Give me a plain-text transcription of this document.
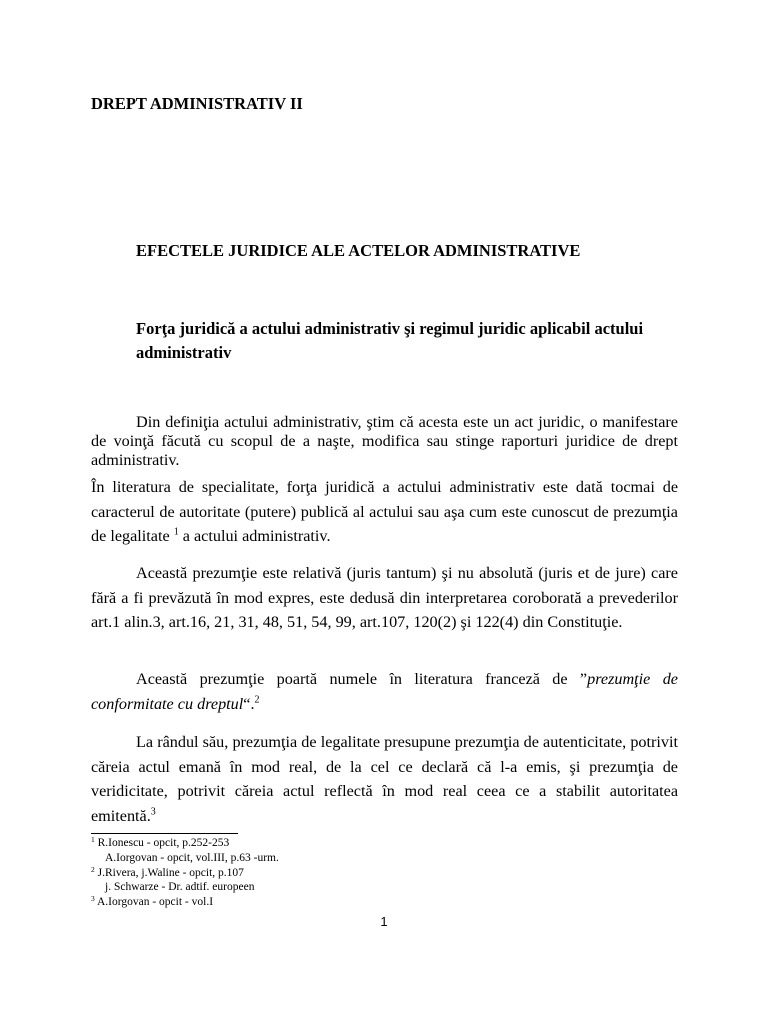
DREPT ADMINISTRATIV II
EFECTELE JURIDICE ALE ACTELOR ADMINISTRATIVE
Forţa juridică a actului administrativ şi regimul juridic aplicabil actului administrativ

Din definiţia actului administrativ, ştim că acesta este un act juridic, o manifestare de voinţă făcută cu scopul de a naşte, modifica sau stinge raporturi juridice de drept administrativ.

În literatura de specialitate, forţa juridică a actului administrativ este dată tocmai de caracterul de autoritate (putere) publică al actului sau aşa cum este cunoscut de prezumţia de legalitate $^1$ a actului administrativ.

Această prezumţie este relativă (juris tantum) şi nu absolută (juris et de jure) care fără a fi prevăzută în mod expres, este dedusă din interpretarea coroborată a prevederilor art.1 alin.3, art.16, 21, 31, 48, 51, 54, 99, art.107, 120(2) şi 122(4) din Constituţie.

Această prezumţie poartă numele în literatura franceză de ”prezumţie de conformitate cu dreptul“.$^2$

La rândul său, prezumţia de legalitate presupune prezumţia de autenticitate, potrivit căreia actul emană în mod real, de la cel ce declară că l-a emis, şi prezumţia de veridicitate, potrivit căreia actul reflectă în mod real ceea ce a stabilit autoritatea emitentă.$^3$

$^1$ R.Ionescu - opcit, p.252-253
A.Iorgovan - opcit, vol.III, p.63 -urm.
$^2$ J.Rivera, j.Waline - opcit, p.107
j. Schwarze - Dr. adtif. europeen
$^3$ A.Iorgovan - opcit - vol.I
1
